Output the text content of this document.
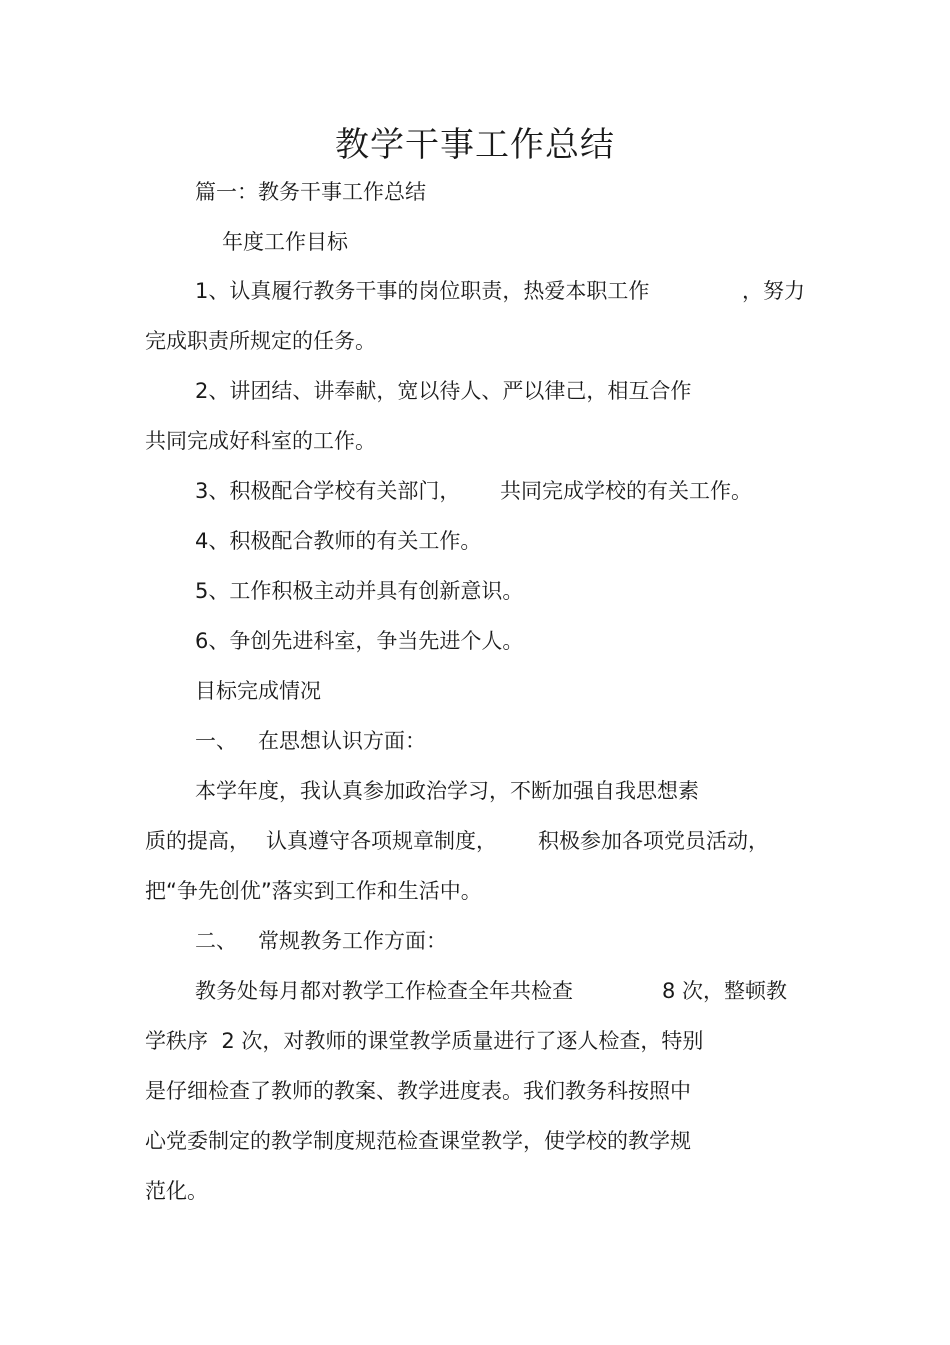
教学干事工作总结
篇一：教务干事工作总结
年度工作目标
1、认真履行教务干事的岗位职责，热爱本职工作	，努力
完成职责所规定的任务。
2、讲团结、讲奉献，宽以待人、严以律己，相互合作
共同完成好科室的工作。
3、积极配合学校有关部门， 共同完成学校的有关工作。
4、积极配合教师的有关工作。
5、工作积极主动并具有创新意识。
6、争创先进科室，争当先进个人。
目标完成情况
一、 在思想认识方面：
本学年度，我认真参加政治学习，不断加强自我思想素
质的提高， 认真遵守各项规章制度， 积极参加各项党员活动，
把“争先创优”落实到工作和生活中。
二、 常规教务工作方面：
教务处每月都对教学工作检查全年共检查	8 次，整顿教
学秩序  2 次，对教师的课堂教学质量进行了逐人检查，特别
是仔细检查了教师的教案、教学进度表。我们教务科按照中
心党委制定的教学制度规范检查课堂教学，使学校的教学规
范化。
